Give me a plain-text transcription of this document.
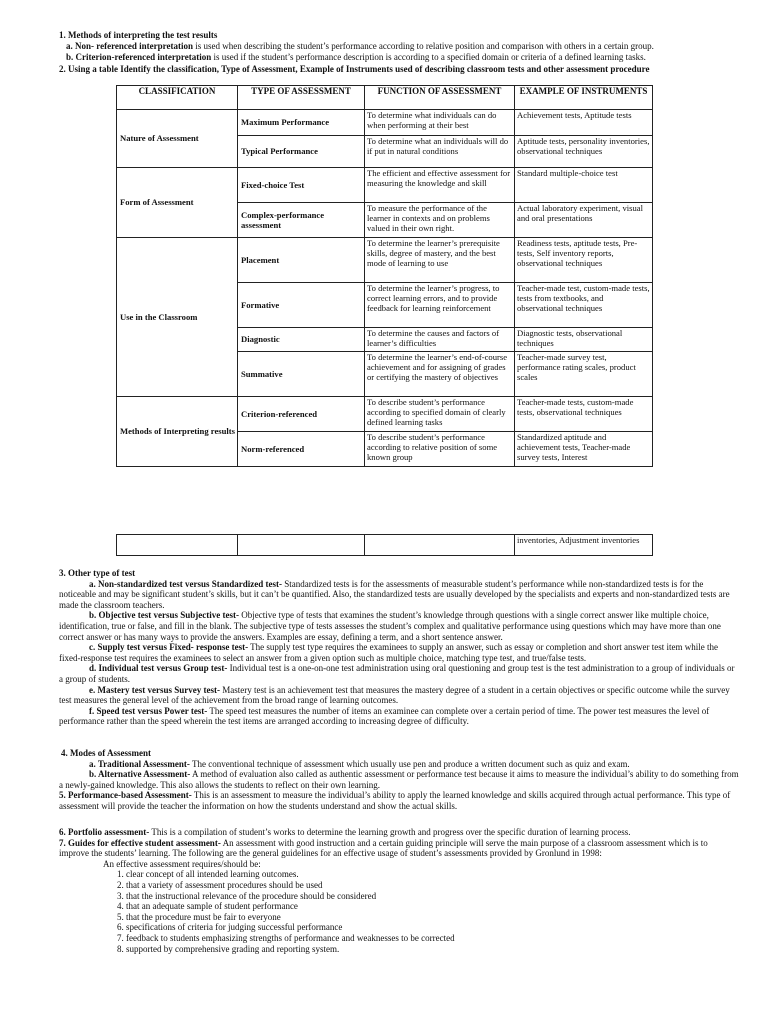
1. Methods of interpreting the test results
a. Non- referenced interpretation is used when describing the student’s performance according to relative position and comparison with others in a certain group.
b. Criterion-referenced interpretation is used if the student’s performance description is according to a specified domain or criteria of a defined learning tasks.
2. Using a table Identify the classification, Type of Assessment, Example of Instruments used of describing classroom tests and other assessment procedure
CLASSIFICATION	TYPE OF ASSESSMENT	FUNCTION OF ASSESSMENT	EXAMPLE OF INSTRUMENTS
Nature of Assessment	Maximum Performance	To determine what individuals can do when performing at their best	Achievement tests, Aptitude tests
	Typical Performance	To determine what an individuals will do if put in natural conditions	Aptitude tests, personality inventories, observational techniques
Form of Assessment	Fixed-choice Test	The efficient and effective assessment for measuring the knowledge and skill	Standard multiple-choice test
	Complex-performance assessment	To measure the performance of the learner in contexts and on problems valued in their own right.	Actual laboratory experiment, visual and oral presentations
Use in the Classroom	Placement	To determine the learner’s prerequisite skills, degree of mastery, and the best mode of learning to use	Readiness tests, aptitude tests, Pre-tests, Self inventory reports, observational techniques
	Formative	To determine the learner’s progress, to correct learning errors, and to provide feedback for learning reinforcement	Teacher-made test, custom-made tests, tests from textbooks, and observational techniques
	Diagnostic	To determine the causes and factors of learner’s difficulties	Diagnostic tests, observational techniques
	Summative	To determine the learner’s end-of-course achievement and for assigning of grades or certifying the mastery of objectives	Teacher-made survey test, performance rating scales, product scales
Methods of Interpreting results	Criterion-referenced	To describe student’s performance according to specified domain of clearly defined learning tasks	Teacher-made tests, custom-made tests, observational techniques
	Norm-referenced	To describe student’s performance according to relative position of some known group	Standardized aptitude and achievement tests, Teacher-made survey tests, Interest
			inventories, Adjustment inventories
3. Other type of test
a. Non-standardized test versus Standardized test- Standardized tests is for the assessments of measurable student’s performance while non-standardized tests is for the noticeable and may be significant student’s skills, but it can’t be quantified. Also, the standardized tests are usually developed by the specialists and experts and non-standardized tests are made the classroom teachers.
b. Objective test versus Subjective test- Objective type of tests that examines the student’s knowledge through questions with a single correct answer like multiple choice, identification, true or false, and fill in the blank. The subjective type of tests assesses the student’s complex and qualitative performance using questions which may have more than one correct answer or has many ways to provide the answers. Examples are essay, defining a term, and a short sentence answer.
c. Supply test versus Fixed- response test- The supply test type requires the examinees to supply an answer, such as essay or completion and short answer test item while the fixed-response test requires the examinees to select an answer from a given option such as multiple choice, matching type test, and true/false tests.
d. Individual test versus Group test- Individual test is a one-on-one test administration using oral questioning and group test is the test administration to a group of individuals or a group of students.
e. Mastery test versus Survey test- Mastery test is an achievement test that measures the mastery degree of a student in a certain objectives or specific outcome while the survey test measures the general level of the achievement from the broad range of learning outcomes.
f. Speed test versus Power test- The speed test measures the number of items an examinee can complete over a certain period of time. The power test measures the level of performance rather than the speed wherein the test items are arranged according to increasing degree of difficulty.
4. Modes of Assessment
a. Traditional Assessment- The conventional technique of assessment which usually use pen and produce a written document such as quiz and exam.
b. Alternative Assessment- A method of evaluation also called as authentic assessment or performance test because it aims to measure the individual’s ability to do something from a newly-gained knowledge. This also allows the students to reflect on their own learning.
5. Performance-based Assessment- This is an assessment to measure the individual’s ability to apply the learned knowledge and skills acquired through actual performance. This type of assessment will provide the teacher the information on how the students understand and show the actual skills.
6. Portfolio assessment- This is a compilation of student’s works to determine the learning growth and progress over the specific duration of learning process.
7. Guides for effective student assessment- An assessment with good instruction and a certain guiding principle will serve the main purpose of a classroom assessment which is to improve the students’ learning. The following are the general guidelines for an effective usage of student’s assessments provided by Gronlund in 1998:
An effective assessment requires/should be:
1. clear concept of all intended learning outcomes.
2. that a variety of assessment procedures should be used
3. that the instructional relevance of the procedure should be considered
4. that an adequate sample of student performance
5. that the procedure must be fair to everyone
6. specifications of criteria for judging successful performance
7. feedback to students emphasizing strengths of performance and weaknesses to be corrected
8. supported by comprehensive grading and reporting system.
